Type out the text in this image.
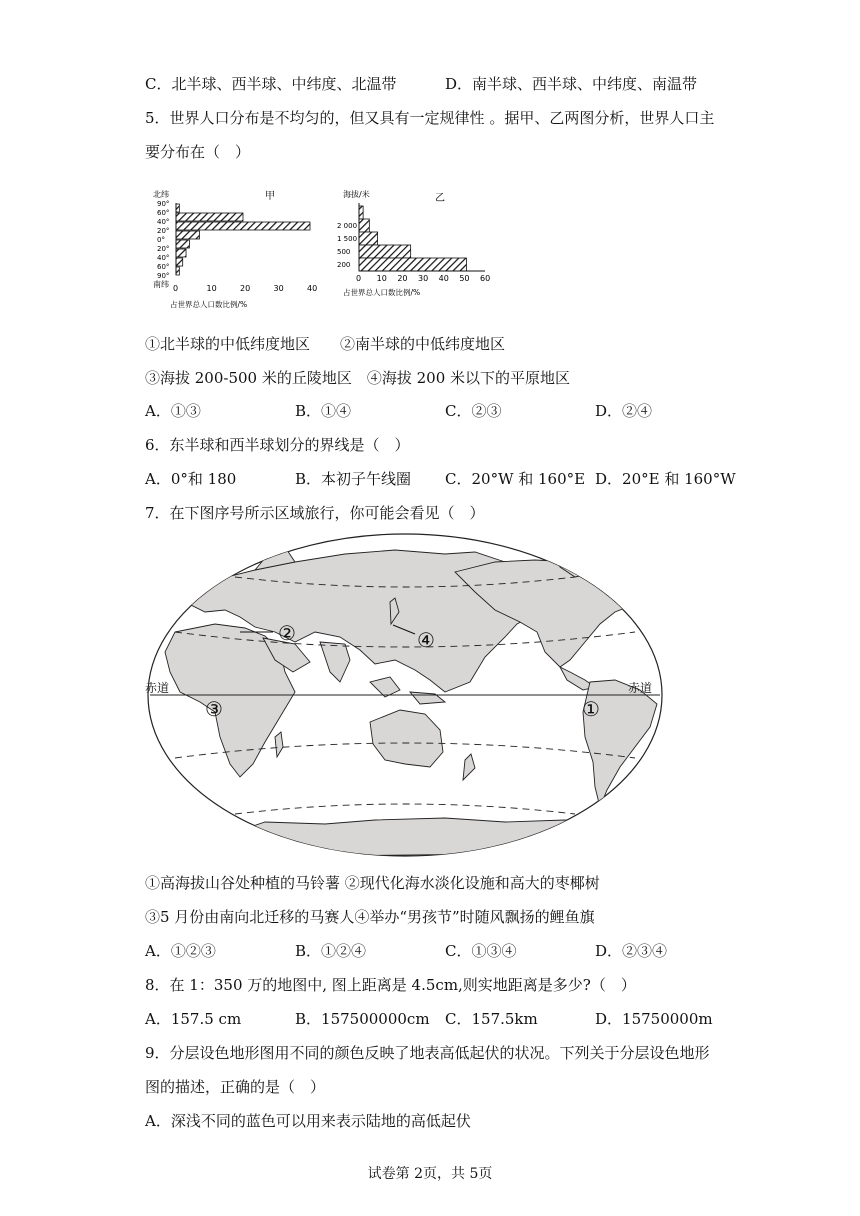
C．北半球、西半球、中纬度、北温带	D．南半球、西半球、中纬度、南温带
5．世界人口分布是不均匀的，但又具有一定规律性 。据甲、乙两图分析，世界人口主
要分布在（　）
北纬	甲
90°
60°
40°
20°
0°
20°
40°
60°
90°
南纬 0	10	20	30	40
占世界总人口数比例/%
海拔/米	乙
2 000
1 500
500
200
0 10 20 30 40 50 60
占世界总人口数比例/%
①北半球的中低纬度地区　　②南半球的中低纬度地区
③海拔 200-500 米的丘陵地区　④海拔 200 米以下的平原地区
A．①③	B．①④	C．②③	D．②④
6．东半球和西半球划分的界线是（　）
A．0°和 180	B．本初子午线圈 C．20°W 和 160°E D．20°E 和 160°W
7．在下图序号所示区域旅行，你可能会看见（　）
赤道	赤道
①
②
③
④
①高海拔山谷处种植的马铃薯 ②现代化海水淡化设施和高大的枣椰树
③5 月份由南向北迁移的马赛人④举办“男孩节”时随风飘扬的鲤鱼旗
A．①②③	B．①②④	C．①③④	D．②③④
8．在 1：350 万的地图中, 图上距离是 4.5cm,则实地距离是多少?（　）
A．157.5 cm	B．157500000cm C．157.5km	D．15750000m
9．分层设色地形图用不同的颜色反映了地表高低起伏的状况。下列关于分层设色地形
图的描述，正确的是（　）
A．深浅不同的蓝色可以用来表示陆地的高低起伏
试卷第 2页，共 5页
